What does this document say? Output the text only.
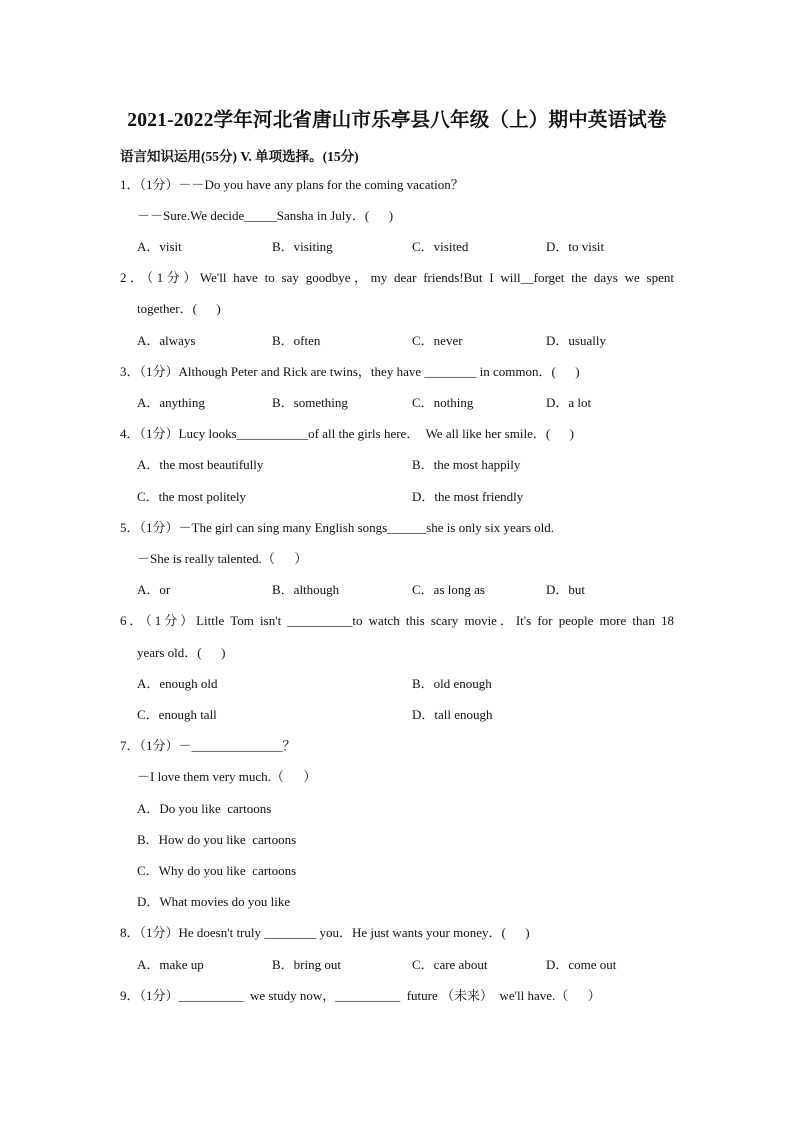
2021-2022学年河北省唐山市乐亭县八年级（上）期中英语试卷
语言知识运用(55分) V. 单项选择。(15分)
1．（1分）－－Do you have any plans for the coming vacation？
－－Sure.We decide_____Sansha in July．(      )
A．visit	B．visiting	C．visited	D．to visit
2．（1分）We'll have to say goodbye，my dear friends!But I will__forget the days we spent
together．(      )
A．always	B．often	C．never	D．usually
3．（1分）Although Peter and Rick are twins，they have ________ in common．(      )
A．anything	B．something	C．nothing	D．a lot
4．（1分）Lucy looks___________of all the girls here．  We all like her smile．(      )
A．the most beautifully	B．the most happily
C．the most politely	D．the most friendly
5．（1分）－The girl can sing many English songs______she is only six years old.
－She is really talented.（      ）
A．or	B．although	C．as long as	D．but
6．（1分）Little Tom isn't __________to watch this scary movie．It's for people more than 18
years old．(      )
A．enough old	B．old enough
C．enough tall	D．tall enough
7．（1分）－______________？
－I love them very much.（      ）
A．Do you like  cartoons
B．How do you like  cartoons
C．Why do you like  cartoons
D．What movies do you like
8．（1分）He doesn't truly ________ you．He just wants your money．(      )
A．make up	B．bring out	C．care about	D．come out
9．（1分）__________  we study now，__________  future （未来）  we'll have.（      ）
